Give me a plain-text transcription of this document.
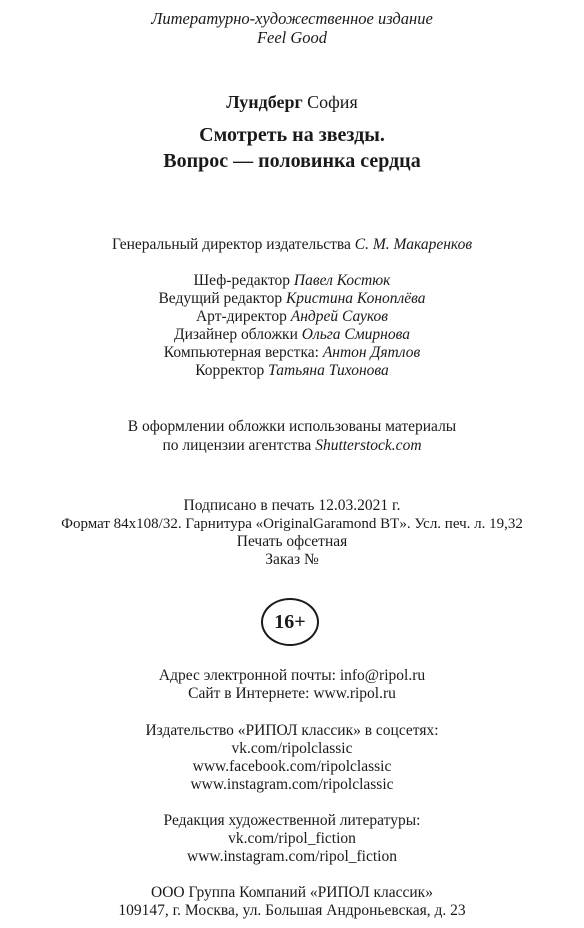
Литературно-художественное издание
Feel Good
Лундберг София
Смотреть на звезды.
Вопрос — половинка сердца
Генеральный директор издательства С. М. Макаренков
Шеф-редактор Павел Костюк
Ведущий редактор Кристина Коноплёва
Арт-директор Андрей Сауков
Дизайнер обложки Ольга Смирнова
Компьютерная верстка: Антон Дятлов
Корректор Татьяна Тихонова
В оформлении обложки использованы материалы
по лицензии агентства Shutterstock.com
Подписано в печать 12.03.2021 г.
Формат 84x108/32. Гарнитура «OriginalGaramond BT». Усл. печ. л. 19,32
Печать офсетная
Заказ №
16+
Адрес электронной почты: info@ripol.ru
Сайт в Интернете: www.ripol.ru
Издательство «РИПОЛ классик» в соцсетях:
vk.com/ripolclassic
www.facebook.com/ripolclassic
www.instagram.com/ripolclassic
Редакция художественной литературы:
vk.com/ripol_fiction
www.instagram.com/ripol_fiction
ООО Группа Компаний «РИПОЛ классик»
109147, г. Москва, ул. Большая Андроньевская, д. 23
